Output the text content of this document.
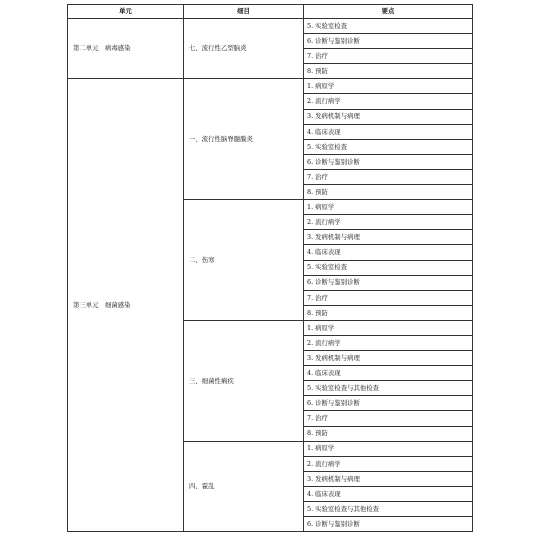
单元	细目	要点
第二单元　病毒感染	七、流行性乙型脑炎	5. 实验室检查
		6. 诊断与鉴别诊断
		7. 治疗
		8. 预防
第三单元　细菌感染	一、流行性脑脊髓膜炎	1. 病原学
		2. 流行病学
		3. 发病机制与病理
		4. 临床表现
		5. 实验室检查
		6. 诊断与鉴别诊断
		7. 治疗
		8. 预防
	二、伤寒	1. 病原学
		2. 流行病学
		3. 发病机制与病理
		4. 临床表现
		5. 实验室检查
		6. 诊断与鉴别诊断
		7. 治疗
		8. 预防
	三、细菌性痢疾	1. 病原学
		2. 流行病学
		3. 发病机制与病理
		4. 临床表现
		5. 实验室检查与其他检查
		6. 诊断与鉴别诊断
		7. 治疗
		8. 预防
	四、霍乱	1. 病原学
		2. 流行病学
		3. 发病机制与病理
		4. 临床表现
		5. 实验室检查与其他检查
		6. 诊断与鉴别诊断
